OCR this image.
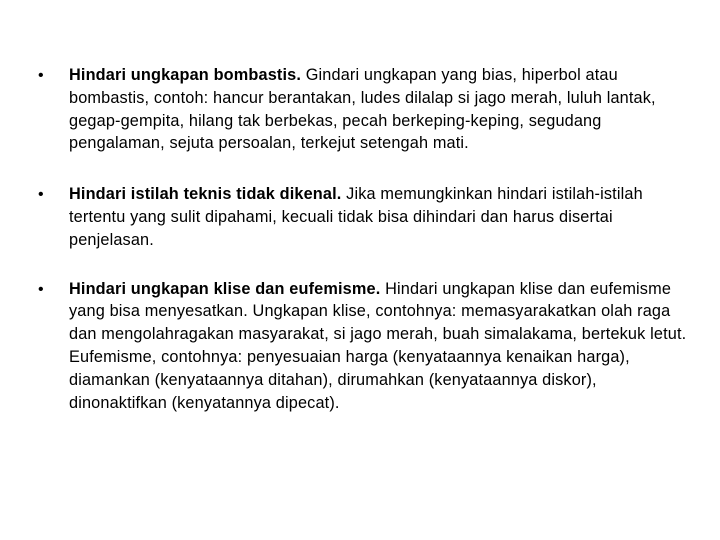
•	Hindari ungkapan bombastis. Gindari ungkapan yang bias, hiperbol atau bombastis, contoh: hancur berantakan, ludes dilalap si jago merah, luluh lantak, gegap-gempita, hilang tak berbekas, pecah berkeping-keping, segudang pengalaman, sejuta persoalan, terkejut setengah mati.
•	Hindari istilah teknis tidak dikenal. Jika memungkinkan hindari istilah-istilah tertentu yang sulit dipahami, kecuali tidak bisa dihindari dan harus disertai penjelasan.
•	Hindari ungkapan klise dan eufemisme. Hindari ungkapan klise dan eufemisme yang bisa menyesatkan. Ungkapan klise, contohnya: memasyarakatkan olah raga dan mengolahragakan masyarakat, si jago merah, buah simalakama, bertekuk letut. Eufemisme, contohnya: penyesuaian harga (kenyataannya kenaikan harga), diamankan (kenyataannya ditahan), dirumahkan (kenyataannya diskor), dinonaktifkan (kenyatannya dipecat).
